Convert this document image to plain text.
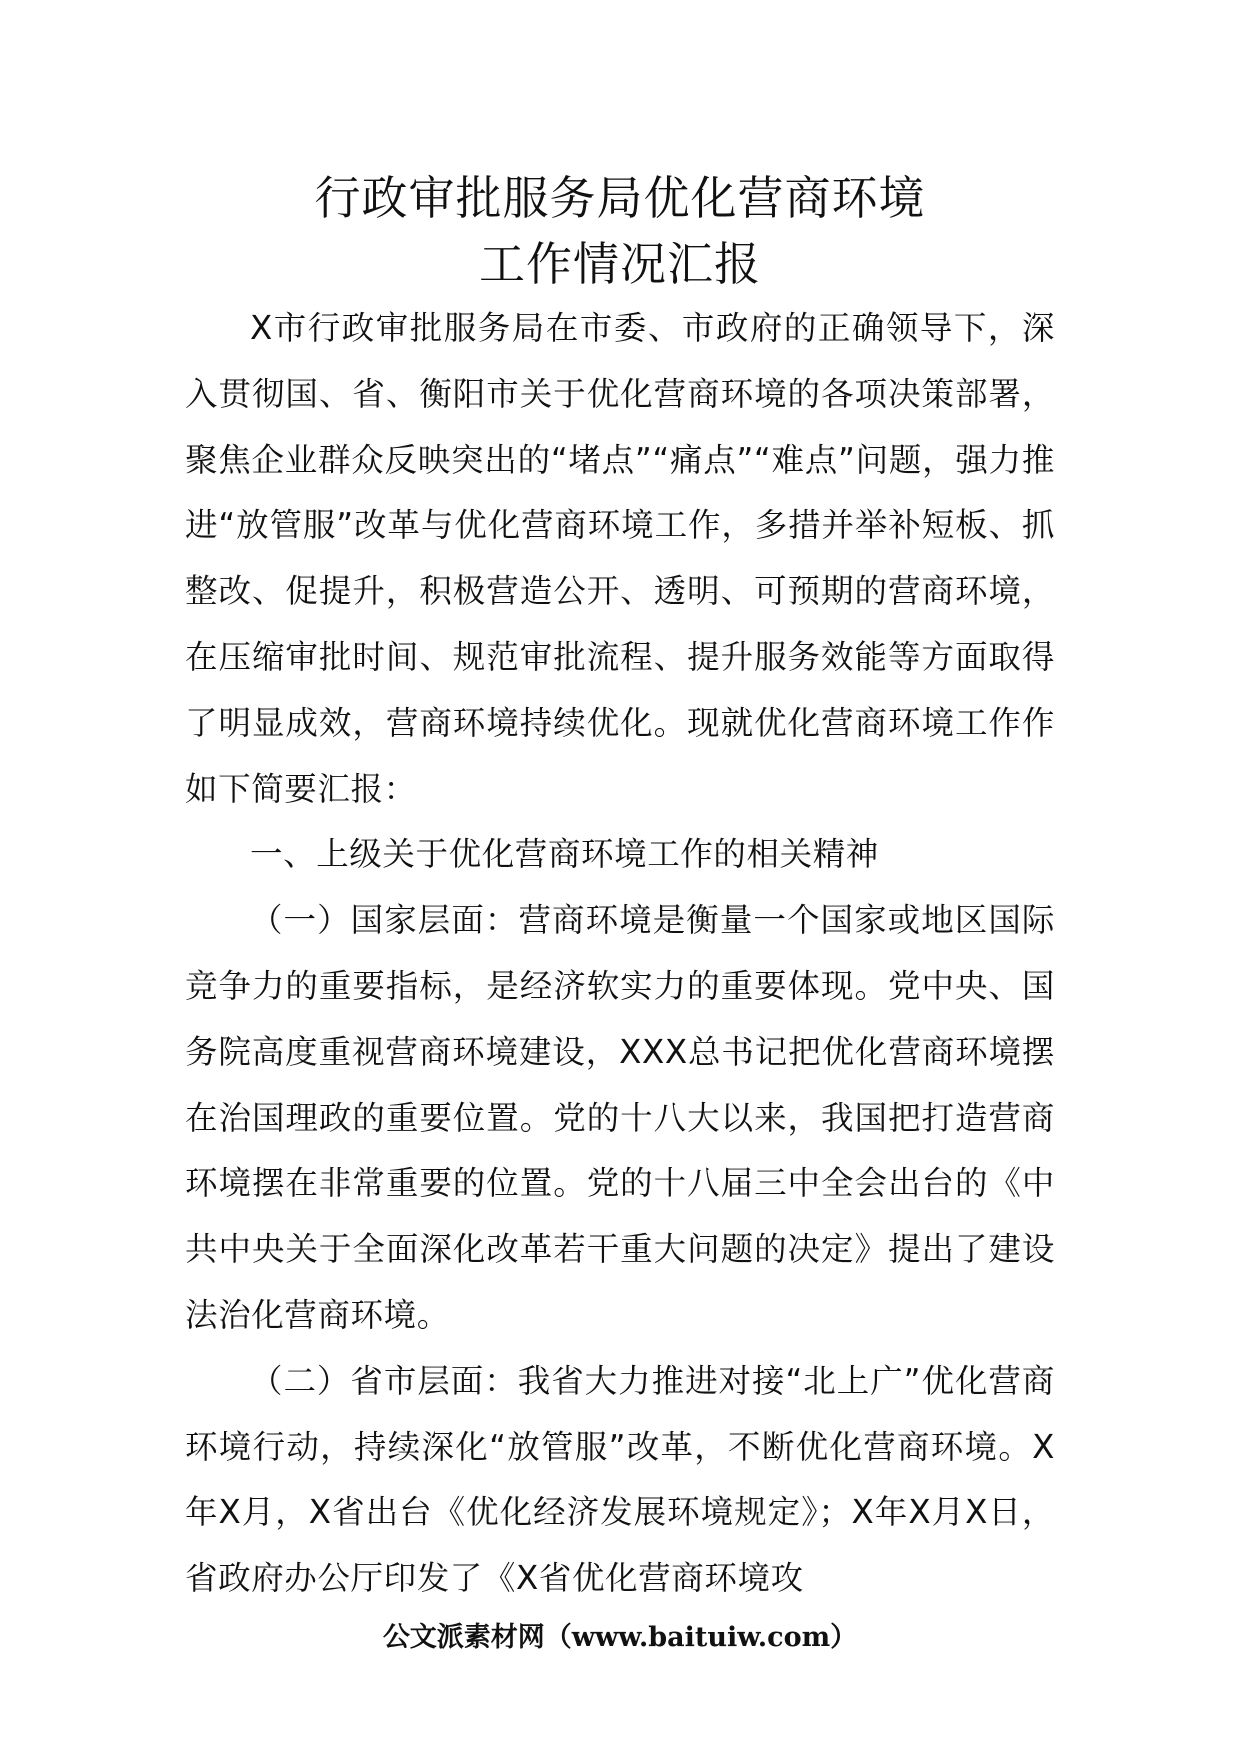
行政审批服务局优化营商环境
工作情况汇报

X市行政审批服务局在市委、市政府的正确领导下，深入贯彻国、省、衡阳市关于优化营商环境的各项决策部署，聚焦企业群众反映突出的“堵点”“痛点”“难点”问题，强力推进“放管服”改革与优化营商环境工作，多措并举补短板、抓整改、促提升，积极营造公开、透明、可预期的营商环境，在压缩审批时间、规范审批流程、提升服务效能等方面取得了明显成效，营商环境持续优化。现就优化营商环境工作作如下简要汇报：

一、上级关于优化营商环境工作的相关精神

（一）国家层面：营商环境是衡量一个国家或地区国际竞争力的重要指标，是经济软实力的重要体现。党中央、国务院高度重视营商环境建设，XXX总书记把优化营商环境摆在治国理政的重要位置。党的十八大以来，我国把打造营商环境摆在非常重要的位置。党的十八届三中全会出台的《中共中央关于全面深化改革若干重大问题的决定》提出了建设法治化营商环境。

（二）省市层面：我省大力推进对接“北上广”优化营商环境行动，持续深化“放管服”改革，不断优化营商环境。X年X月，X省出台《优化经济发展环境规定》；X年X月X日，省政府办公厅印发了《X省优化营商环境攻

公文派素材网（www.baituiw.com）
